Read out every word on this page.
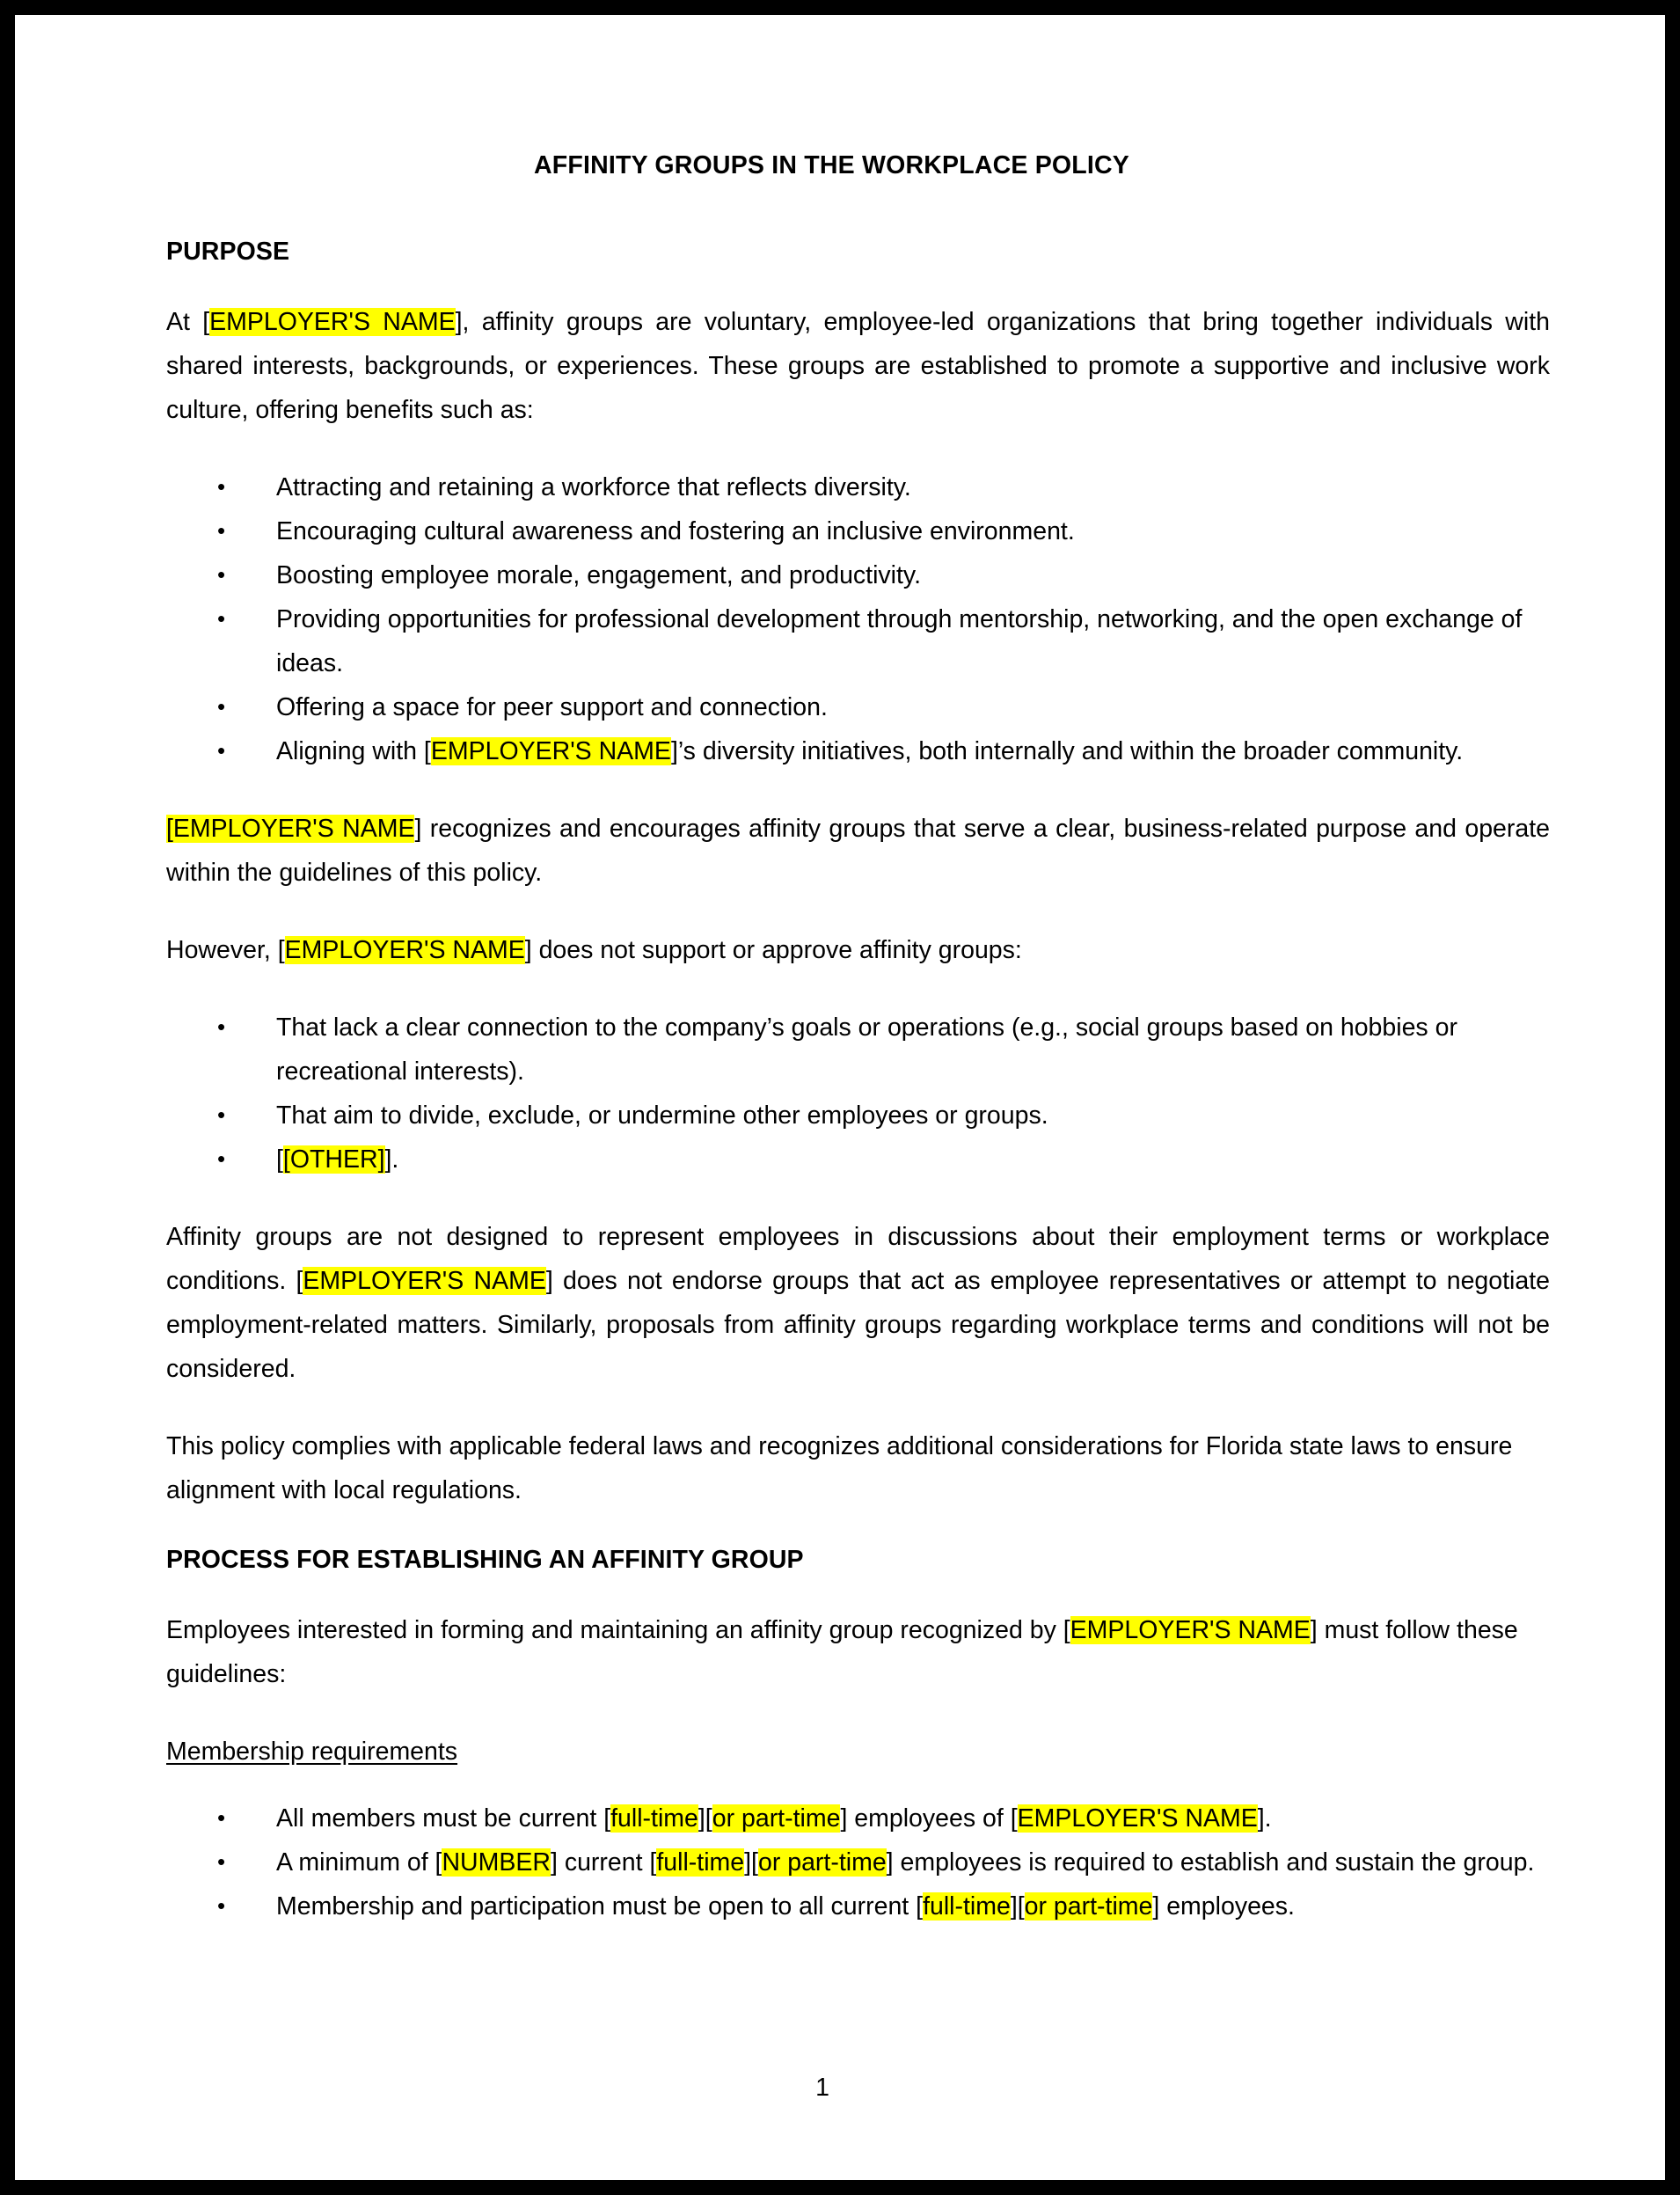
AFFINITY GROUPS IN THE WORKPLACE POLICY
PURPOSE

At [EMPLOYER'S NAME], affinity groups are voluntary, employee-led organizations that bring together individuals with shared interests, backgrounds, or experiences. These groups are established to promote a supportive and inclusive work culture, offering benefits such as:

• Attracting and retaining a workforce that reflects diversity.
• Encouraging cultural awareness and fostering an inclusive environment.
• Boosting employee morale, engagement, and productivity.
• Providing opportunities for professional development through mentorship, networking, and the open exchange of ideas.
• Offering a space for peer support and connection.
• Aligning with [EMPLOYER'S NAME]’s diversity initiatives, both internally and within the broader community.

[EMPLOYER'S NAME] recognizes and encourages affinity groups that serve a clear, business-related purpose and operate within the guidelines of this policy.

However, [EMPLOYER'S NAME] does not support or approve affinity groups:

• That lack a clear connection to the company’s goals or operations (e.g., social groups based on hobbies or recreational interests).
• That aim to divide, exclude, or undermine other employees or groups.
• [[OTHER]].

Affinity groups are not designed to represent employees in discussions about their employment terms or workplace conditions. [EMPLOYER'S NAME] does not endorse groups that act as employee representatives or attempt to negotiate employment-related matters. Similarly, proposals from affinity groups regarding workplace terms and conditions will not be considered.

This policy complies with applicable federal laws and recognizes additional considerations for Florida state laws to ensure alignment with local regulations.

PROCESS FOR ESTABLISHING AN AFFINITY GROUP

Employees interested in forming and maintaining an affinity group recognized by [EMPLOYER'S NAME] must follow these guidelines:

Membership requirements
• All members must be current [full-time][or part-time] employees of [EMPLOYER'S NAME].
• A minimum of [NUMBER] current [full-time][or part-time] employees is required to establish and sustain the group.
• Membership and participation must be open to all current [full-time][or part-time] employees.
1
